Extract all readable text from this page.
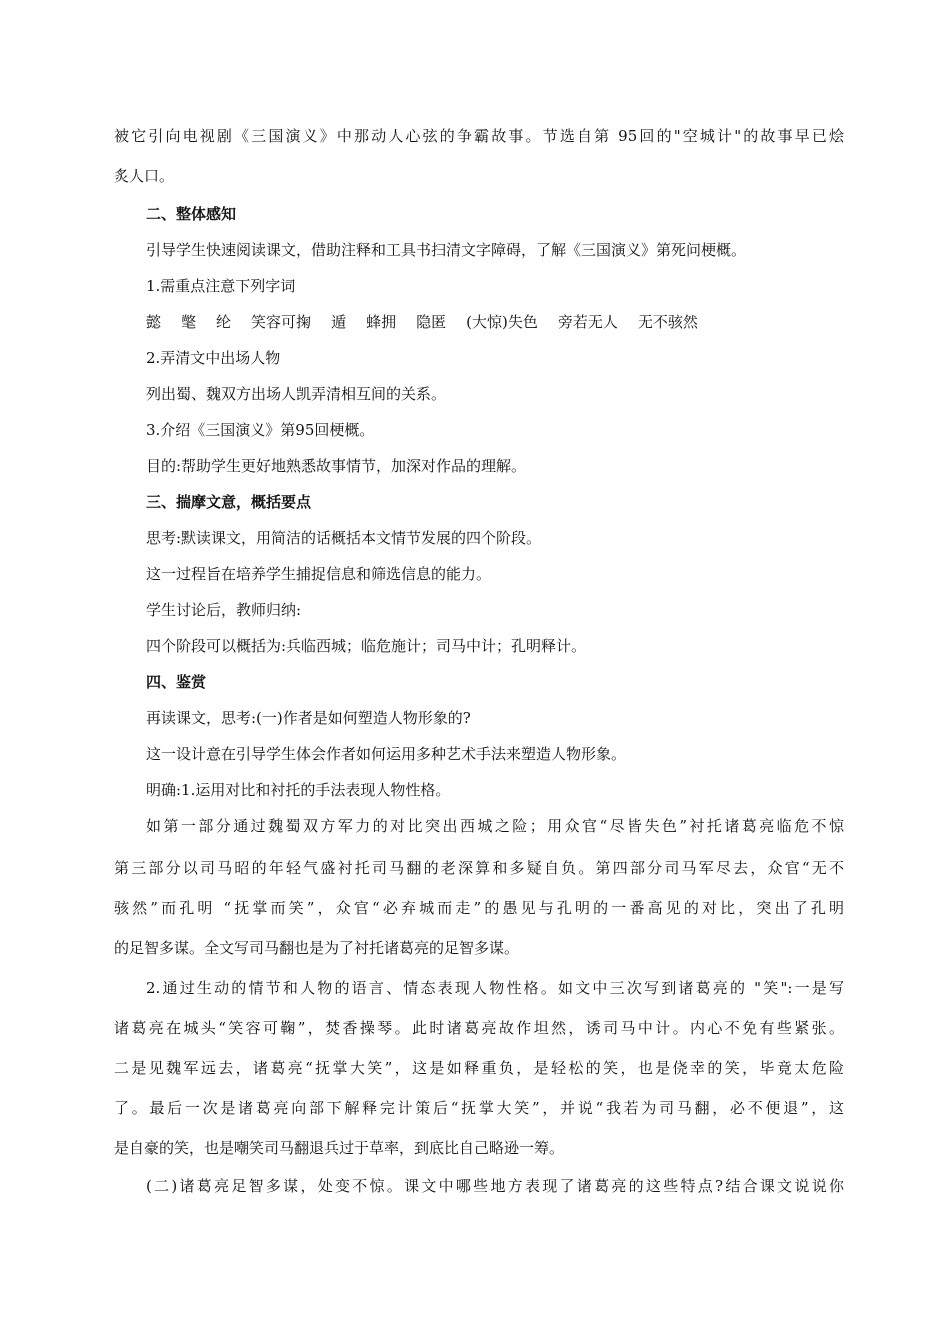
被它引向电视剧《三国演义》中那动人心弦的争霸故事。节选自第 95回的"空城计"的故事早已烩

炙人口。

二、整体感知

引导学生快速阅读课文，借助注释和工具书扫清文字障碍，了解《三国演义》第死问梗概。

1.需重点注意下列字词

懿 氅 纶 笑容可掬 遁 蜂拥 隐匿 (大惊)失色 旁若无人 无不骇然

2.弄清文中出场人物

列出蜀、魏双方出场人凯弄清相互间的关系。

3.介绍《三国演义》第95回梗概。

目的:帮助学生更好地熟悉故事情节，加深对作品的理解。

三、揣摩文意，概括要点

思考:默读课文，用简洁的话概括本文情节发展的四个阶段。

这一过程旨在培养学生捕捉信息和筛选信息的能力。

学生讨论后，教师归纳:

四个阶段可以概括为:兵临西城；临危施计；司马中计；孔明释计。

四、鉴赏

再读课文，思考:(一)作者是如何塑造人物形象的?

这一设计意在引导学生体会作者如何运用多种艺术手法来塑造人物形象。

明确:1.运用对比和衬托的手法表现人物性格。

如第一部分通过魏蜀双方军力的对比突出西城之险；用众官“尽皆失色”衬托诸葛亮临危不惊

第三部分以司马昭的年轻气盛衬托司马翻的老深算和多疑自负。第四部分司马军尽去，众官“无不

骇然”而孔明 “抚掌而笑”，众官“必弃城而走”的愚见与孔明的一番高见的对比，突出了孔明

的足智多谋。全文写司马翻也是为了衬托诸葛亮的足智多谋。

2.通过生动的情节和人物的语言、情态表现人物性格。如文中三次写到诸葛亮的 "笑":一是写

诸葛亮在城头“笑容可鞠”，焚香操琴。此时诸葛亮故作坦然，诱司马中计。内心不免有些紧张。

二是见魏军远去，诸葛亮“抚掌大笑”，这是如释重负，是轻松的笑，也是侥幸的笑，毕竟太危险

了。最后一次是诸葛亮向部下解释完计策后“抚掌大笑”，并说“我若为司马翻，必不便退”，这

是自豪的笑，也是嘲笑司马翻退兵过于草率，到底比自己略逊一筹。

(二)诸葛亮足智多谋，处变不惊。课文中哪些地方表现了诸葛亮的这些特点?结合课文说说你
